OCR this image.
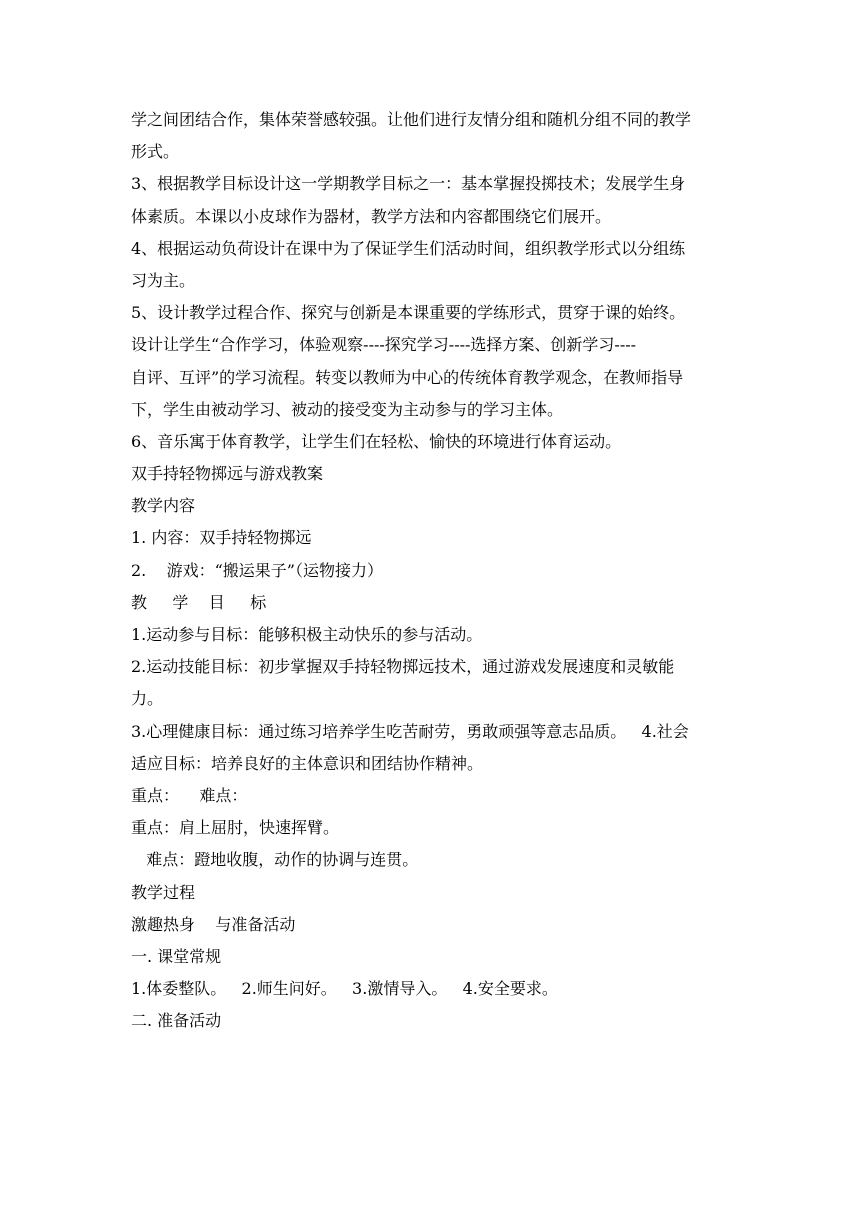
学之间团结合作，集体荣誉感较强。让他们进行友情分组和随机分组不同的教学
形式。
3、根据教学目标设计这一学期教学目标之一：基本掌握投掷技术；发展学生身
体素质。本课以小皮球作为器材，教学方法和内容都围绕它们展开。
4、根据运动负荷设计在课中为了保证学生们活动时间，组织教学形式以分组练
习为主。
5、设计教学过程合作、探究与创新是本课重要的学练形式，贯穿于课的始终。
设计让学生“合作学习，体验观察----探究学习----选择方案、创新学习----
自评、互评”的学习流程。转变以教师为中心的传统体育教学观念，在教师指导
下，学生由被动学习、被动的接受变为主动参与的学习主体。
6、音乐寓于体育教学，让学生们在轻松、愉快的环境进行体育运动。
双手持轻物掷远与游戏教案
教学内容
1. 内容：双手持轻物掷远
2.    游戏：“搬运果子”（运物接力）
教     学    目     标
1.运动参与目标：能够积极主动快乐的参与活动。
2.运动技能目标：初步掌握双手持轻物掷远技术，通过游戏发展速度和灵敏能
力。
3.心理健康目标：通过练习培养学生吃苦耐劳，勇敢顽强等意志品质。   4.社会
适应目标：培养良好的主体意识和团结协作精神。
重点：    难点：
重点：肩上屈肘，快速挥臂。
难点：蹬地收腹，动作的协调与连贯。
教学过程
激趣热身    与准备活动
一. 课堂常规
1.体委整队。   2.师生问好。   3.激情导入。   4.安全要求。
二. 准备活动
